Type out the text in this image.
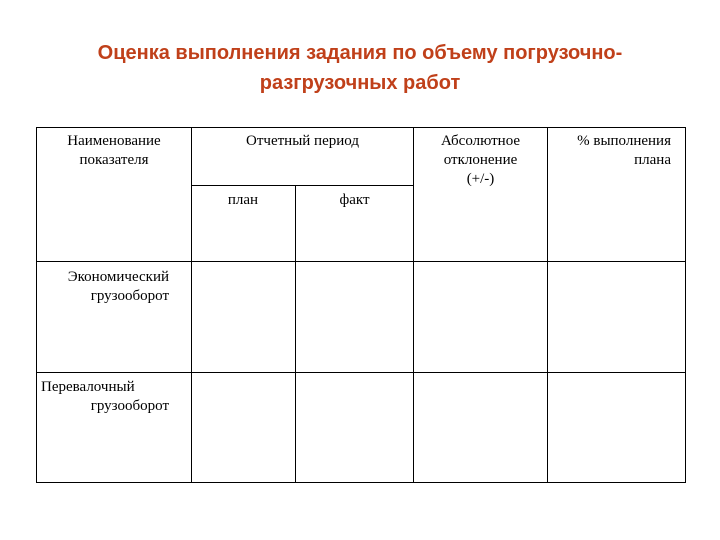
Оценка выполнения задания по объему погрузочно-
разгрузочных работ
Наименование
показателя
Отчетный период
план	факт
Абсолютное
отклонение
(+/-)
% выполнения
плана
Экономический
грузооборот
Перевалочный
грузооборот
